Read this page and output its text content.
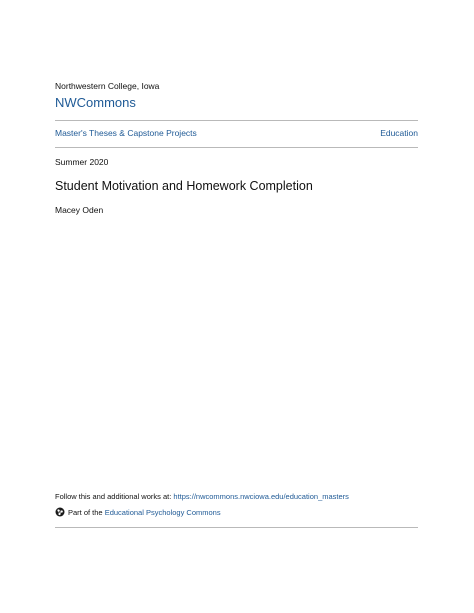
Northwestern College, Iowa
NWCommons
Master's Theses & Capstone Projects	Education
Summer 2020
Student Motivation and Homework Completion
Macey Oden
Follow this and additional works at: https://nwcommons.nwciowa.edu/education_masters
Part of the
Educational Psychology Commons
